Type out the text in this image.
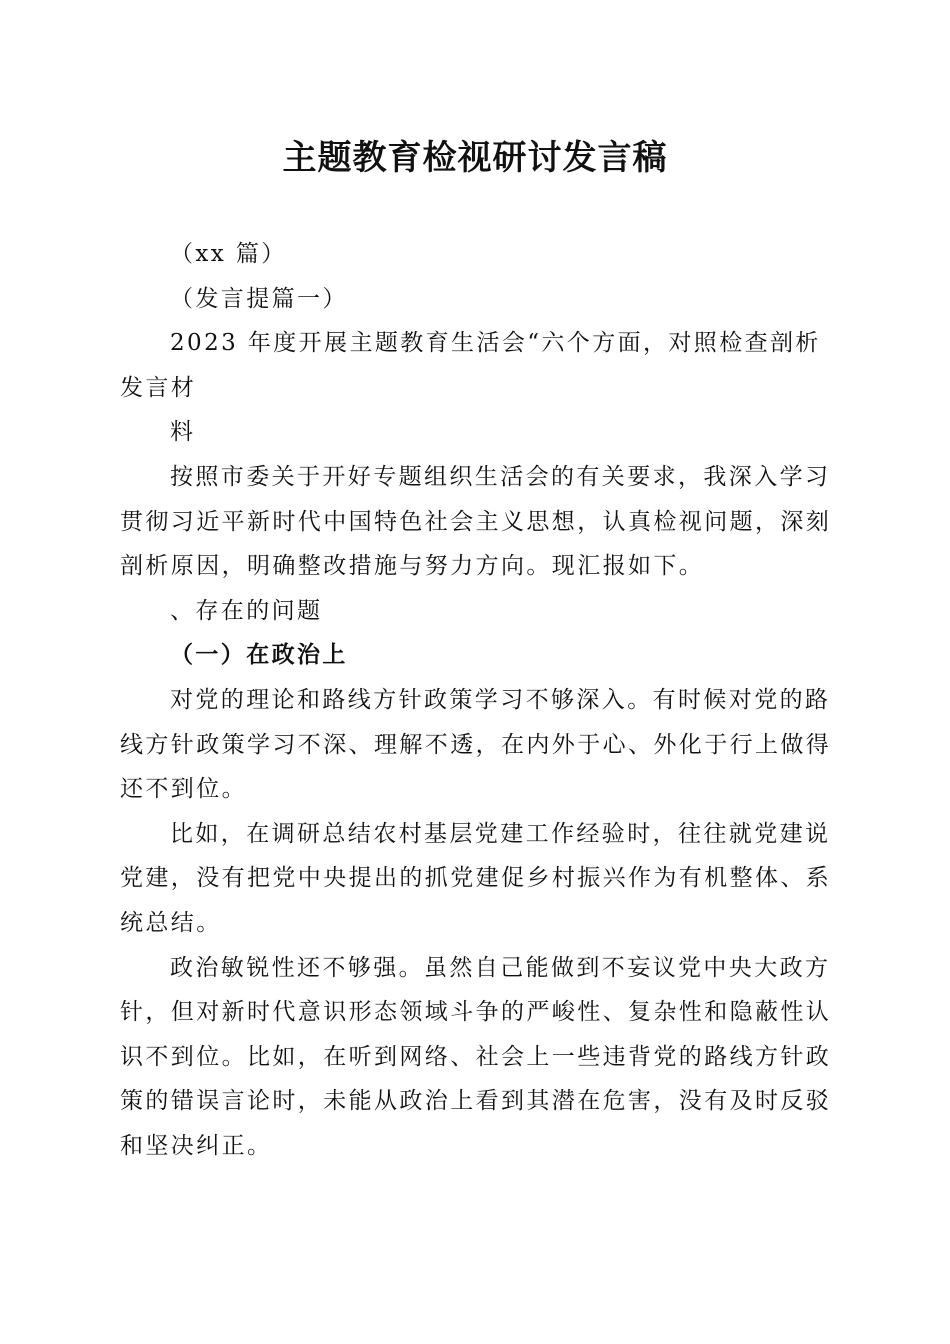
主题教育检视研讨发言稿

（xx 篇）

（发言提篇一）

2023 年度开展主题教育生活会“六个方面，对照检查剖析发言材

料

按照市委关于开好专题组织生活会的有关要求，我深入学习贯彻习近平新时代中国特色社会主义思想，认真检视问题，深刻剖析原因，明确整改措施与努力方向。现汇报如下。

、存在的问题

（一）在政治上

对党的理论和路线方针政策学习不够深入。有时候对党的路线方针政策学习不深、理解不透，在内外于心、外化于行上做得还不到位。

比如，在调研总结农村基层党建工作经验时，往往就党建说党建，没有把党中央提出的抓党建促乡村振兴作为有机整体、系统总结。

政治敏锐性还不够强。虽然自己能做到不妄议党中央大政方针，但对新时代意识形态领域斗争的严峻性、复杂性和隐蔽性认识不到位。比如，在听到网络、社会上一些违背党的路线方针政策的错误言论时，未能从政治上看到其潜在危害，没有及时反驳和坚决纠正。
